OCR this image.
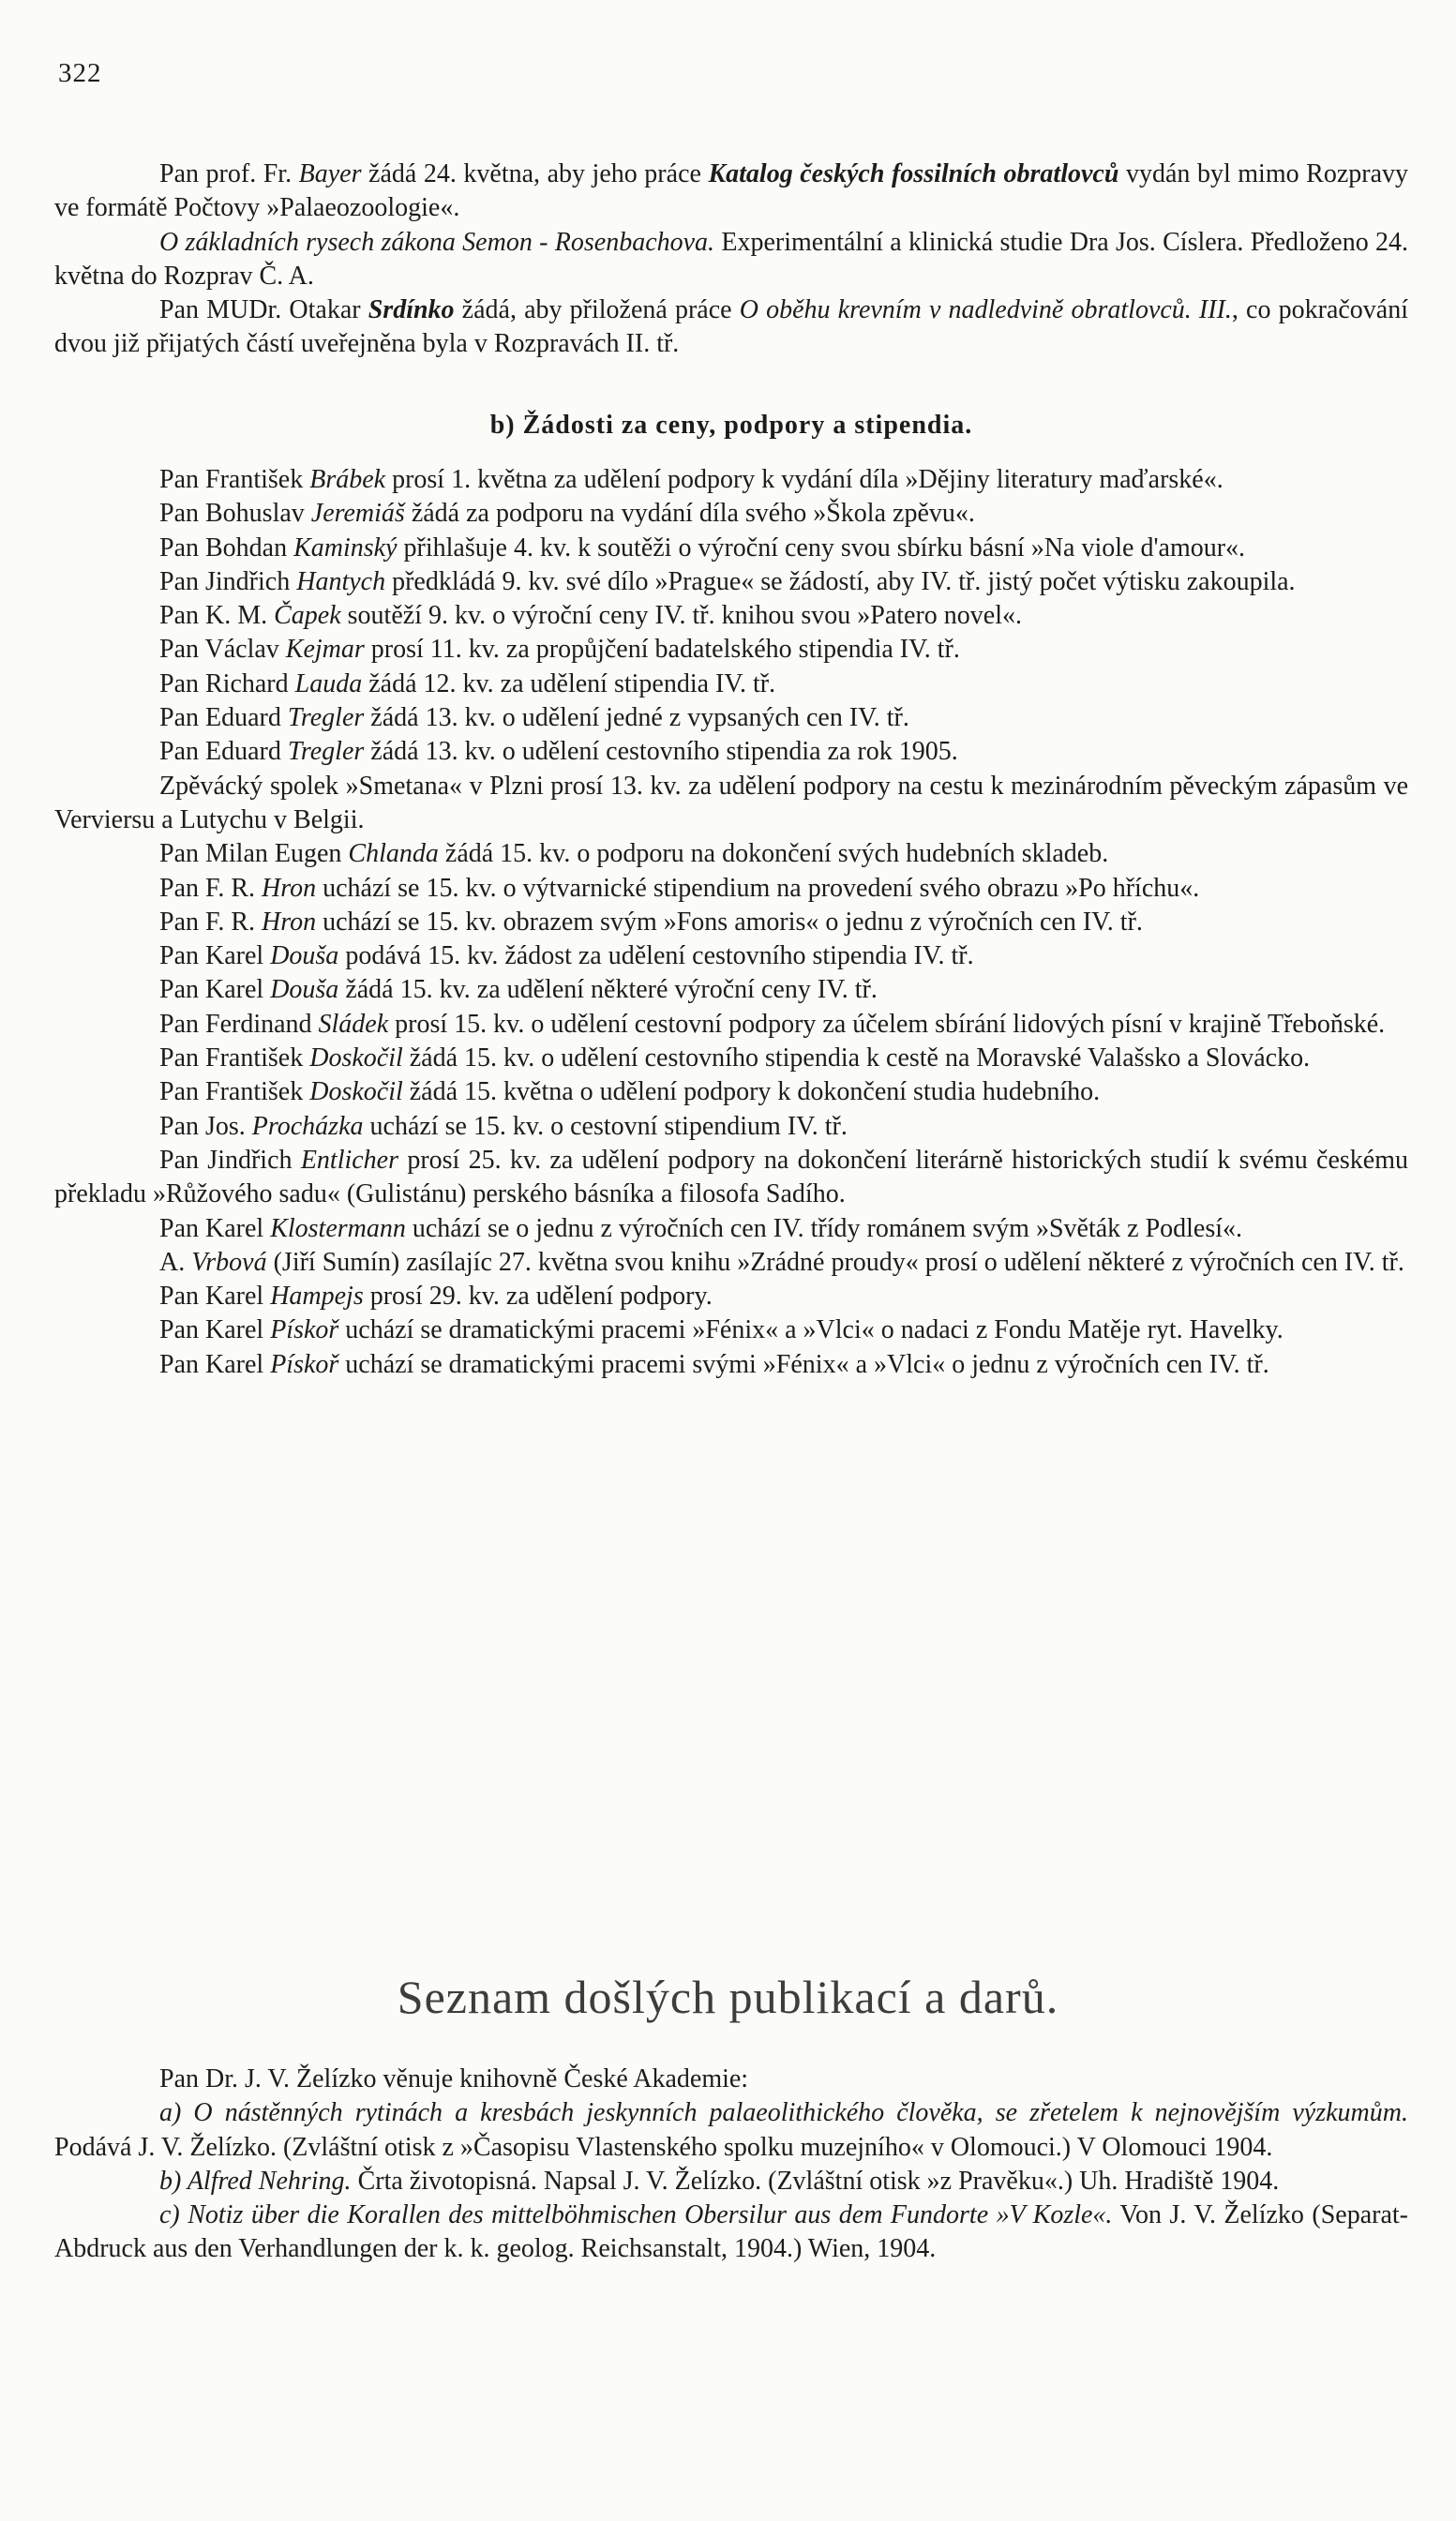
322

Pan prof. Fr. Bayer žádá 24. května, aby jeho práce Katalog českých fossilních obratlovců vydán byl mimo Rozpravy ve formátě Počtovy »Palaeozoologie«.

O základních rysech zákona Semon - Rosenbachova. Experimentální a klinická studie Dra Jos. Císlera. Předloženo 24. května do Rozprav Č. A.

Pan MUDr. Otakar Srdínko žádá, aby přiložená práce O oběhu krevním v nadledvině obratlovců. III., co pokračování dvou již přijatých částí uveřejněna byla v Rozpravách II. tř.

b) Žádosti za ceny, podpory a stipendia.

Pan František Brábek prosí 1. května za udělení podpory k vydání díla »Dějiny literatury maďarské«.

Pan Bohuslav Jeremiáš žádá za podporu na vydání díla svého »Škola zpěvu«.

Pan Bohdan Kaminský přihlašuje 4. kv. k soutěži o výroční ceny svou sbírku básní »Na viole d'amour«.

Pan Jindřich Hantych předkládá 9. kv. své dílo »Prague« se žádostí, aby IV. tř. jistý počet výtisku zakoupila.

Pan K. M. Čapek soutěží 9. kv. o výroční ceny IV. tř. knihou svou »Patero novel«.

Pan Václav Kejmar prosí 11. kv. za propůjčení badatelského stipendia IV. tř.

Pan Richard Lauda žádá 12. kv. za udělení stipendia IV. tř.

Pan Eduard Tregler žádá 13. kv. o udělení jedné z vypsaných cen IV. tř.

Pan Eduard Tregler žádá 13. kv. o udělení cestovního stipendia za rok 1905.

Zpěvácký spolek »Smetana« v Plzni prosí 13. kv. za udělení podpory na cestu k mezinárodním pěveckým zápasům ve Verviersu a Lutychu v Belgii.

Pan Milan Eugen Chlanda žádá 15. kv. o podporu na dokončení svých hudebních skladeb.

Pan F. R. Hron uchází se 15. kv. o výtvarnické stipendium na provedení svého obrazu »Po hříchu«.

Pan F. R. Hron uchází se 15. kv. obrazem svým »Fons amoris« o jednu z výročních cen IV. tř.

Pan Karel Douša podává 15. kv. žádost za udělení cestovního stipendia IV. tř.

Pan Karel Douša žádá 15. kv. za udělení některé výroční ceny IV. tř.

Pan Ferdinand Sládek prosí 15. kv. o udělení cestovní podpory za účelem sbírání lidových písní v krajině Třeboňské.

Pan František Doskočil žádá 15. kv. o udělení cestovního stipendia k cestě na Moravské Valašsko a Slovácko.

Pan František Doskočil žádá 15. května o udělení podpory k dokončení studia hudebního.

Pan Jos. Procházka uchází se 15. kv. o cestovní stipendium IV. tř.

Pan Jindřich Entlicher prosí 25. kv. za udělení podpory na dokončení literárně historických studií k svému českému překladu »Růžového sadu« (Gulistánu) perského básníka a filosofa Sadího.

Pan Karel Klostermann uchází se o jednu z výročních cen IV. třídy románem svým »Světák z Podlesí«.

A. Vrbová (Jiří Sumín) zasílajíc 27. května svou knihu »Zrádné proudy« prosí o udělení některé z výročních cen IV. tř.

Pan Karel Hampejs prosí 29. kv. za udělení podpory.

Pan Karel Pískoř uchází se dramatickými pracemi »Fénix« a »Vlci« o nadaci z Fondu Matěje ryt. Havelky.

Pan Karel Pískoř uchází se dramatickými pracemi svými »Fénix« a »Vlci« o jednu z výročních cen IV. tř.

Seznam došlých publikací a darů.

Pan Dr. J. V. Želízko věnuje knihovně České Akademie:

a) O nástěnných rytinách a kresbách jeskynních palaeolithického člověka, se zřetelem k nejnovějším výzkumům. Podává J. V. Želízko. (Zvláštní otisk z »Časopisu Vlastenského spolku muzejního« v Olomouci.) V Olomouci 1904.

b) Alfred Nehring. Črta životopisná. Napsal J. V. Želízko. (Zvláštní otisk »z Pravěku«.) Uh. Hradiště 1904.

c) Notiz über die Korallen des mittelböhmischen Obersilur aus dem Fundorte »V Kozle«. Von J. V. Želízko (Separat-Abdruck aus den Verhandlungen der k. k. geolog. Reichsanstalt, 1904.) Wien, 1904.
